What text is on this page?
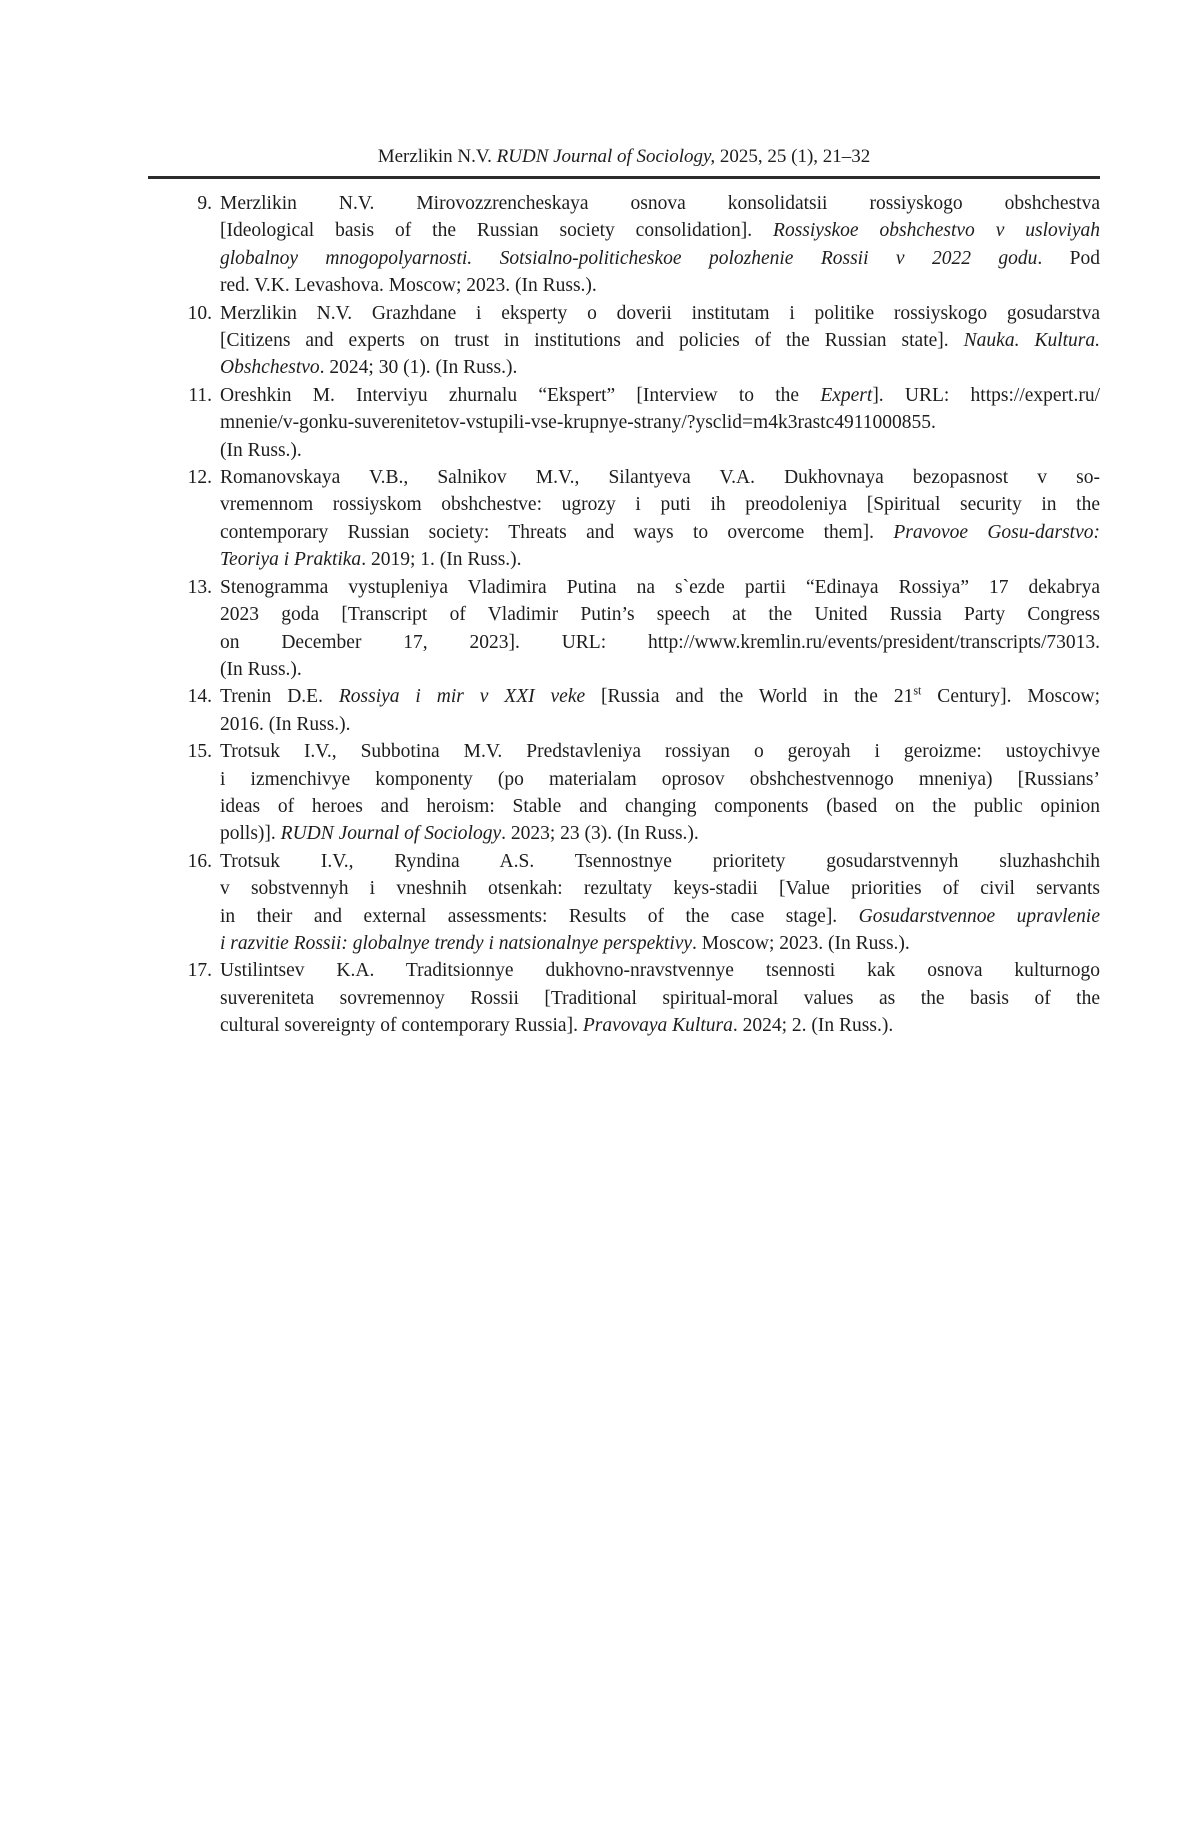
Merzlikin N.V. RUDN Journal of Sociology, 2025, 25 (1), 21–32
9. Merzlikin N.V. Mirovozzrencheskaya osnova konsolidatsii rossiyskogo obshchestva
[Ideological basis of the Russian society consolidation]. Rossiyskoe obshchestvo v usloviyah
globalnoy mnogopolyarnosti. Sotsialno-politicheskoe polozhenie Rossii v 2022 godu. Pod
red. V.K. Levashova. Moscow; 2023. (In Russ.).
10. Merzlikin N.V. Grazhdane i eksperty o doverii institutam i politike rossiyskogo gosudarstva
[Citizens and experts on trust in institutions and policies of the Russian state]. Nauka. Kultura.
Obshchestvo. 2024; 30 (1). (In Russ.).
11. Oreshkin M. Interviyu zhurnalu “Ekspert” [Interview to the Expert]. URL: https://expert.ru/
mnenie/v-gonku-suverenitetov-vstupili-vse-krupnye-strany/?ysclid=m4k3rastc4911000855.
(In Russ.).
12. Romanovskaya V.B., Salnikov M.V., Silantyeva V.A. Dukhovnaya bezopasnost v so-
vremennom rossiyskom obshchestve: ugrozy i puti ih preodoleniya [Spiritual security in the
contemporary Russian society: Threats and ways to overcome them]. Pravovoe Gosu-darstvo:
Teoriya i Praktika. 2019; 1. (In Russ.).
13. Stenogramma vystupleniya Vladimira Putina na s`ezde partii “Edinaya Rossiya” 17 dekabrya
2023 goda [Transcript of Vladimir Putin’s speech at the United Russia Party Congress
on December 17, 2023]. URL: http://www.kremlin.ru/events/president/transcripts/73013.
(In Russ.).
14. Trenin D.E. Rossiya i mir v XXI veke [Russia and the World in the 21st Century]. Moscow;
2016. (In Russ.).
15. Trotsuk I.V., Subbotina M.V. Predstavleniya rossiyan o geroyah i geroizme: ustoychivye
i izmenchivye komponenty (po materialam oprosov obshchestvennogo mneniya) [Russians’
ideas of heroes and heroism: Stable and changing components (based on the public opinion
polls)]. RUDN Journal of Sociology. 2023; 23 (3). (In Russ.).
16. Trotsuk I.V., Ryndina A.S. Tsennostnye prioritety gosudarstvennyh sluzhashchih
v sobstvennyh i vneshnih otsenkah: rezultaty keys-stadii [Value priorities of civil servants
in their and external assessments: Results of the case stage]. Gosudarstvennoe upravlenie
i razvitie Rossii: globalnye trendy i natsionalnye perspektivy. Moscow; 2023. (In Russ.).
17. Ustilintsev K.A. Traditsionnye dukhovno-nravstvennye tsennosti kak osnova kulturnogo
suvereniteta sovremennoy Rossii [Traditional spiritual-moral values as the basis of the
cultural sovereignty of contemporary Russia]. Pravovaya Kultura. 2024; 2. (In Russ.).
